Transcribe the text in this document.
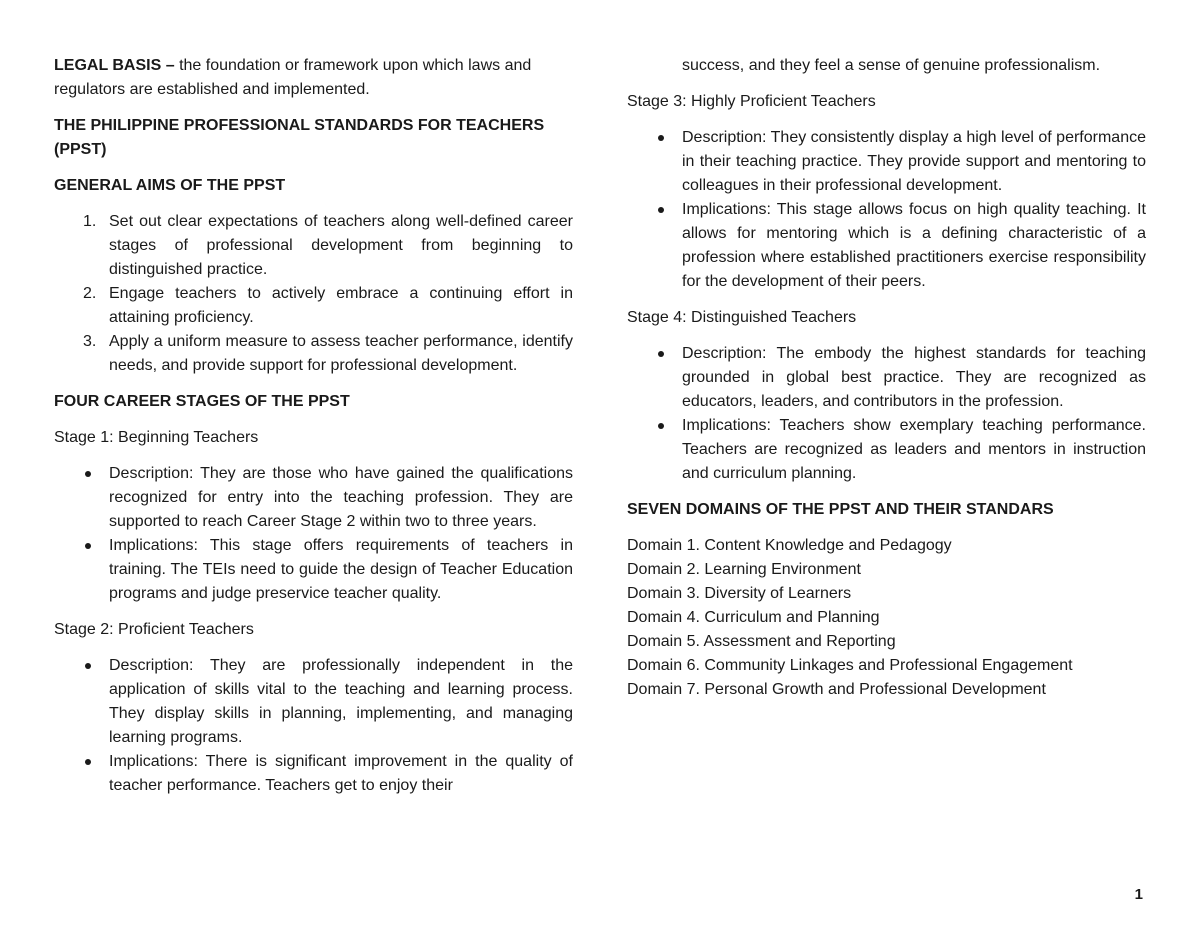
LEGAL BASIS – the foundation or framework upon which laws and regulators are established and implemented.

THE PHILIPPINE PROFESSIONAL STANDARDS FOR TEACHERS (PPST)

GENERAL AIMS OF THE PPST

1. Set out clear expectations of teachers along well-defined career stages of professional development from beginning to distinguished practice.
2. Engage teachers to actively embrace a continuing effort in attaining proficiency.
3. Apply a uniform measure to assess teacher performance, identify needs, and provide support for professional development.

FOUR CAREER STAGES OF THE PPST

Stage 1: Beginning Teachers

Description: They are those who have gained the qualifications recognized for entry into the teaching profession. They are supported to reach Career Stage 2 within two to three years.
Implications: This stage offers requirements of teachers in training. The TEIs need to guide the design of Teacher Education programs and judge preservice teacher quality.

Stage 2: Proficient Teachers

Description: They are professionally independent in the application of skills vital to the teaching and learning process. They display skills in planning, implementing, and managing learning programs.
Implications: There is significant improvement in the quality of teacher performance. Teachers get to enjoy their

success, and they feel a sense of genuine professionalism.

Stage 3: Highly Proficient Teachers

Description: They consistently display a high level of performance in their teaching practice. They provide support and mentoring to colleagues in their professional development.
Implications: This stage allows focus on high quality teaching. It allows for mentoring which is a defining characteristic of a profession where established practitioners exercise responsibility for the development of their peers.

Stage 4: Distinguished Teachers

Description: The embody the highest standards for teaching grounded in global best practice. They are recognized as educators, leaders, and contributors in the profession.
Implications: Teachers show exemplary teaching performance. Teachers are recognized as leaders and mentors in instruction and curriculum planning.

SEVEN DOMAINS OF THE PPST AND THEIR STANDARS

Domain 1. Content Knowledge and Pedagogy

Domain 2. Learning Environment

Domain 3. Diversity of Learners

Domain 4. Curriculum and Planning

Domain 5. Assessment and Reporting

Domain 6. Community Linkages and Professional Engagement

Domain 7. Personal Growth and Professional Development

1
